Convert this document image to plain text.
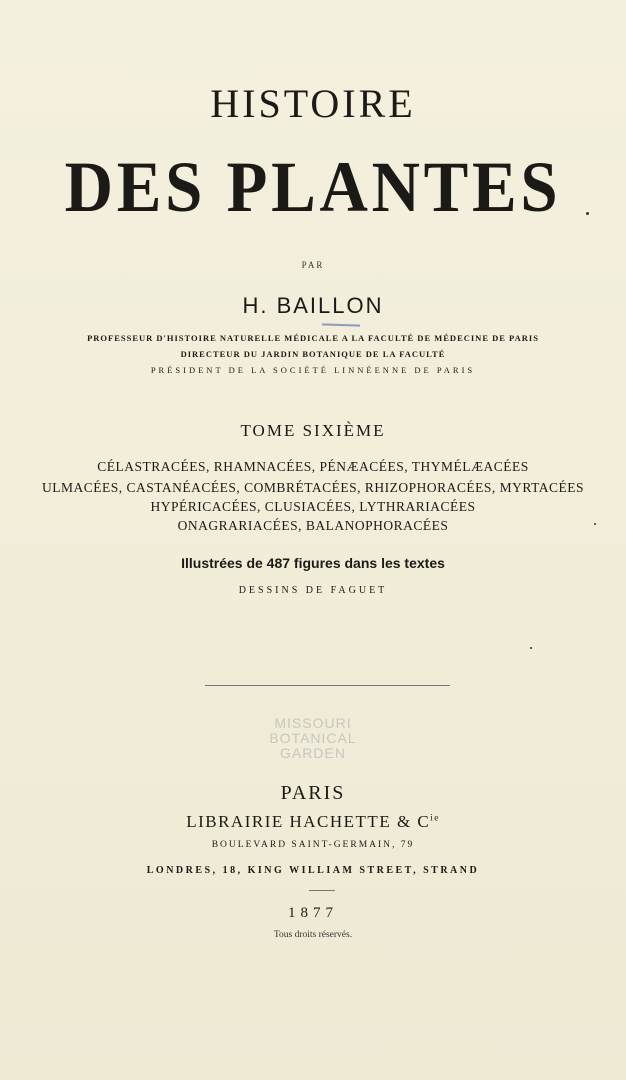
HISTOIRE
DES PLANTES
PAR
H. BAILLON
PROFESSEUR D'HISTOIRE NATURELLE MÉDICALE A LA FACULTÉ DE MÉDECINE DE PARIS
DIRECTEUR DU JARDIN BOTANIQUE DE LA FACULTÉ
PRÉSIDENT DE LA SOCIÉTÉ LINNÉENNE DE PARIS
TOME SIXIÈME
CÉLASTRACÉES, RHAMNACÉES, PÉNÆACÉES, THYMÉLÆACÉES
ULMACÉES, CASTANÉACÉES, COMBRÉTACÉES, RHIZOPHORACÉES, MYRTACÉES
HYPÉRICACÉES, CLUSIACÉES, LYTHRARIACÉES
ONAGRARIACÉES, BALANOPHORACÉES
Illustrées de 487 figures dans les textes
DESSINS DE FAGUET
MISSOURI
BOTANICAL
GARDEN
PARIS
LIBRAIRIE HACHETTE & $C^{ie}$
BOULEVARD SAINT-GERMAIN, 79
LONDRES, 18, KING WILLIAM STREET, STRAND
1877
Tous droits réservés.
